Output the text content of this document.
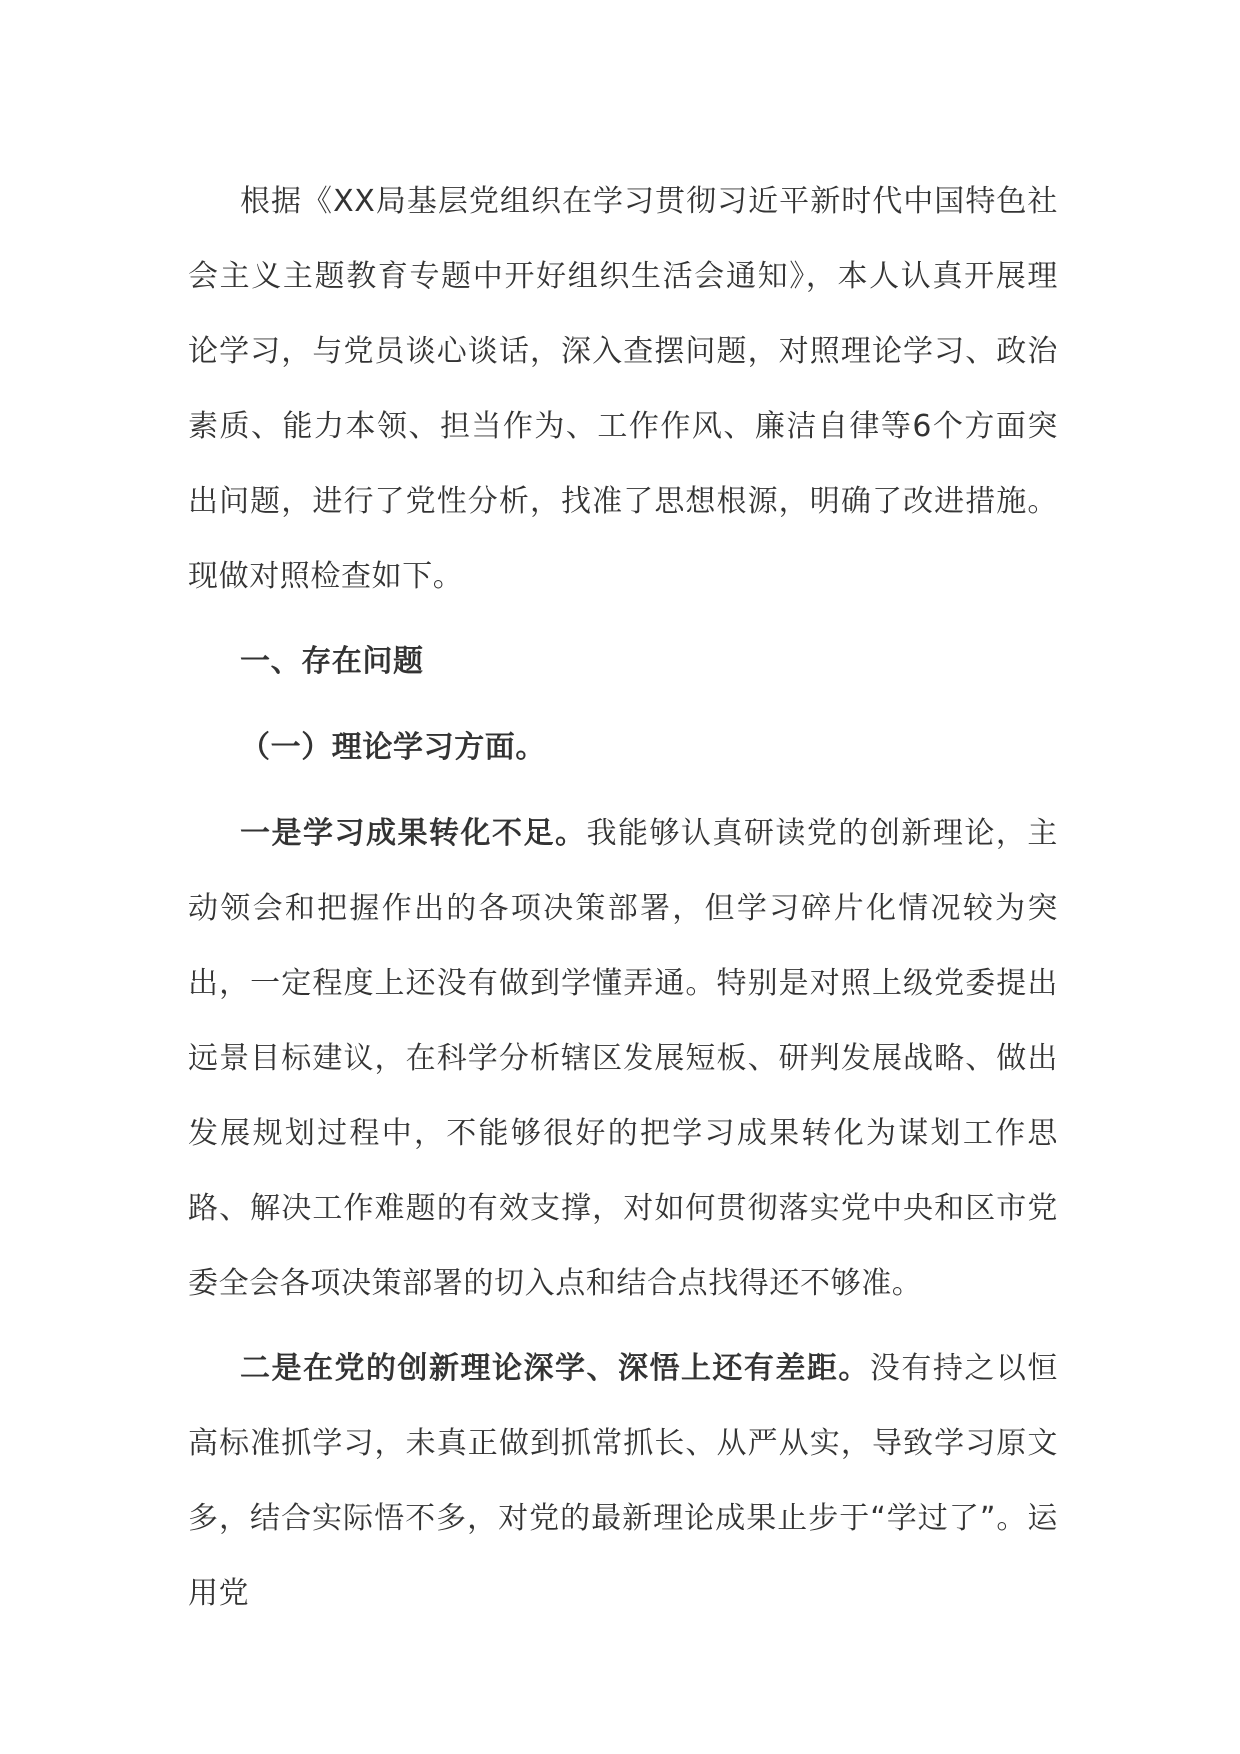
根据《XX局基层党组织在学习贯彻习近平新时代中国特色社会主义主题教育专题中开好组织生活会通知》，本人认真开展理论学习，与党员谈心谈话，深入查摆问题，对照理论学习、政治素质、能力本领、担当作为、工作作风、廉洁自律等6个方面突出问题，进行了党性分析，找准了思想根源，明确了改进措施。现做对照检查如下。

一、存在问题

（一）理论学习方面。

一是学习成果转化不足。我能够认真研读党的创新理论，主动领会和把握作出的各项决策部署，但学习碎片化情况较为突出，一定程度上还没有做到学懂弄通。特别是对照上级党委提出远景目标建议，在科学分析辖区发展短板、研判发展战略、做出发展规划过程中，不能够很好的把学习成果转化为谋划工作思路、解决工作难题的有效支撑，对如何贯彻落实党中央和区市党委全会各项决策部署的切入点和结合点找得还不够准。

二是在党的创新理论深学、深悟上还有差距。没有持之以恒高标准抓学习，未真正做到抓常抓长、从严从实，导致学习原文多，结合实际悟不多，对党的最新理论成果止步于“学过了”。运用党
